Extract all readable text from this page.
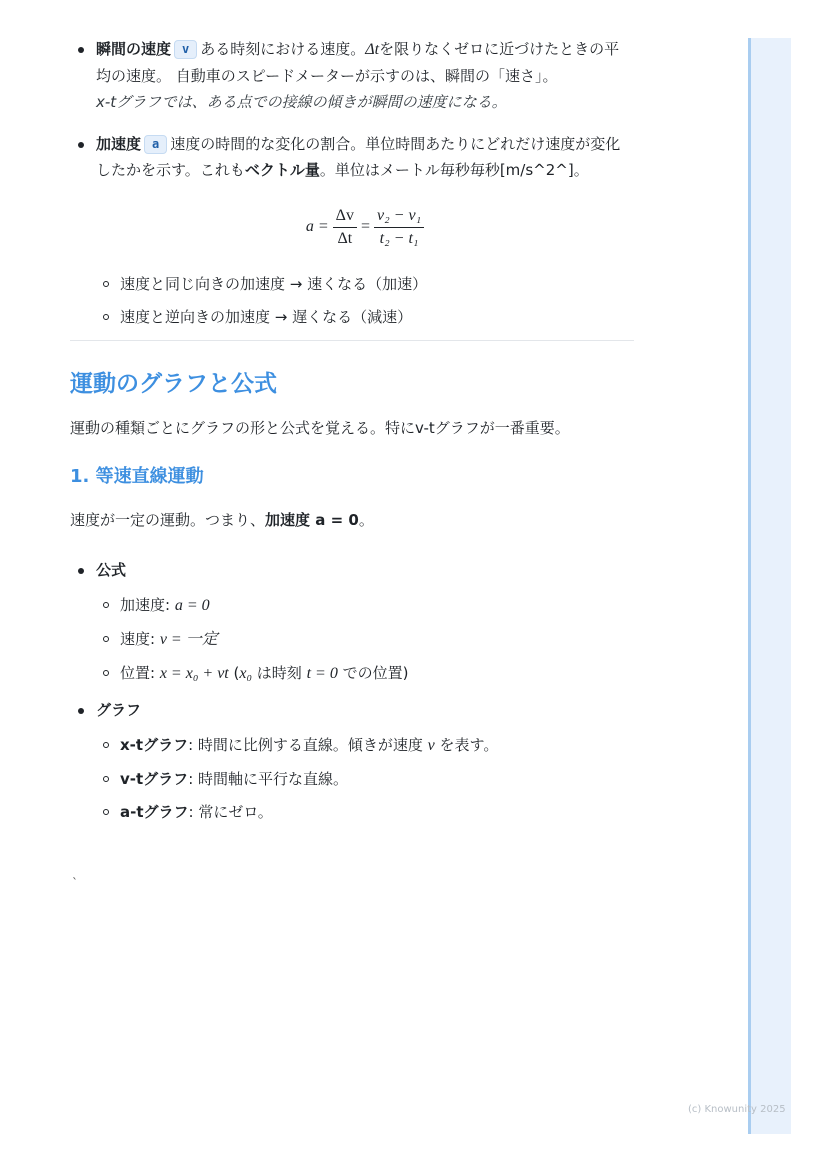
瞬間の速度 v ある時刻における速度。Δtを限りなくゼロに近づけたときの平均の速度。 自動車のスピードメーターが示すのは、瞬間の「速さ」。
x-tグラフでは、ある点での接線の傾きが瞬間の速度になる。
加速度 a 速度の時間的な変化の割合。単位時間あたりにどれだけ速度が変化したかを示す。これもベクトル量。単位はメートル毎秒毎秒[m/s^2^]。
$a = \frac{\Delta v}{\Delta t} = \frac{\text{v₂ − v₁}}{\text{t₂ − t₁}}$
速度と同じ向きの加速度 → 速くなる（加速）
速度と逆向きの加速度 → 遅くなる（減速）
運動のグラフと公式

運動の種類ごとにグラフの形と公式を覚える。特にv-tグラフが一番重要。

1. 等速直線運動

速度が一定の運動。つまり、加速度 a = 0。

公式
加速度: a = 0
速度: v = 一定
位置: x = x₀ + vt (x₀ は時刻 t = 0 での位置)
グラフ
x-tグラフ: 時間に比例する直線。傾きが速度 v を表す。
v-tグラフ: 時間軸に平行な直線。
a-tグラフ: 常にゼロ。
`
(c) Knowunity 2025
